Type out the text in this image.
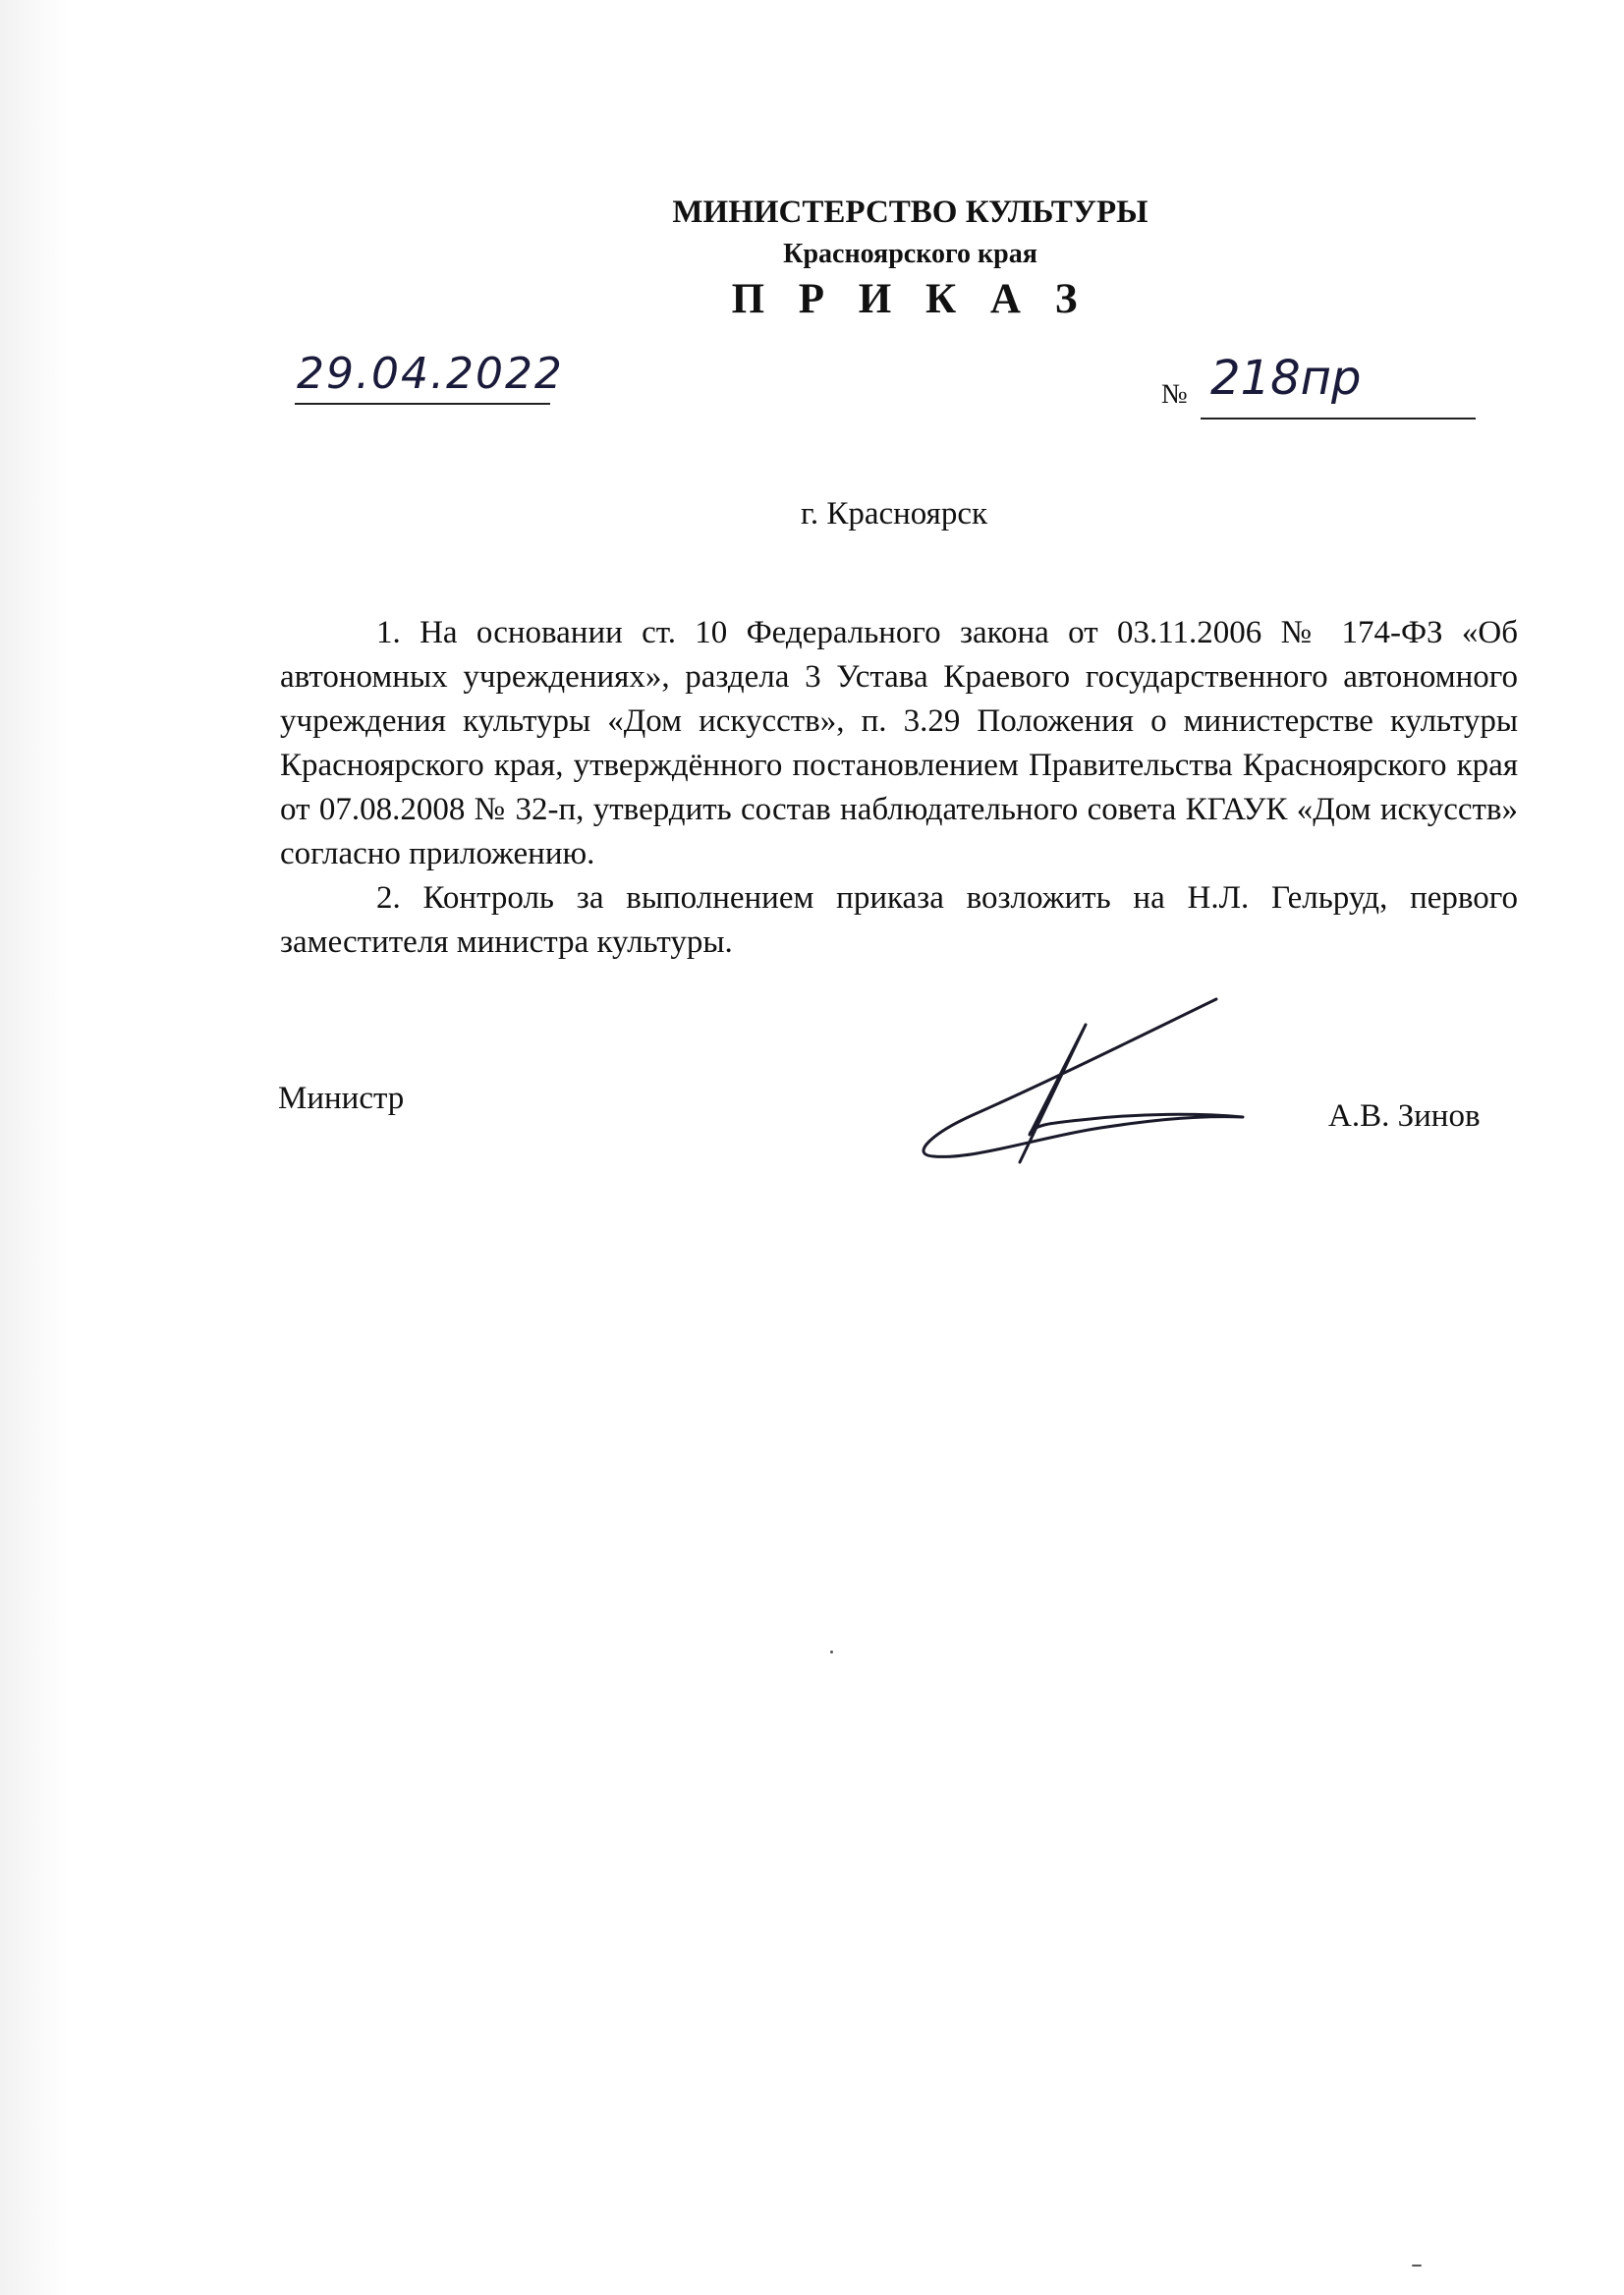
МИНИСТЕРСТВО КУЛЬТУРЫ
Красноярского края
П Р И К А З
29.04.2022	№ 218пр
г. Красноярск

1. На основании ст. 10 Федерального закона от 03.11.2006 № 174-ФЗ «Об автономных учреждениях», раздела 3 Устава Краевого государственного автономного учреждения культуры «Дом искусств», п. 3.29 Положения о министерстве культуры Красноярского края, утверждённого постановлением Правительства Красноярского края от 07.08.2008 № 32-п, утвердить состав наблюдательного совета КГАУК «Дом искусств» согласно приложению.

2. Контроль за выполнением приказа возложить на Н.Л. Гельруд, первого заместителя министра культуры.

Министр	А.В. Зинов
